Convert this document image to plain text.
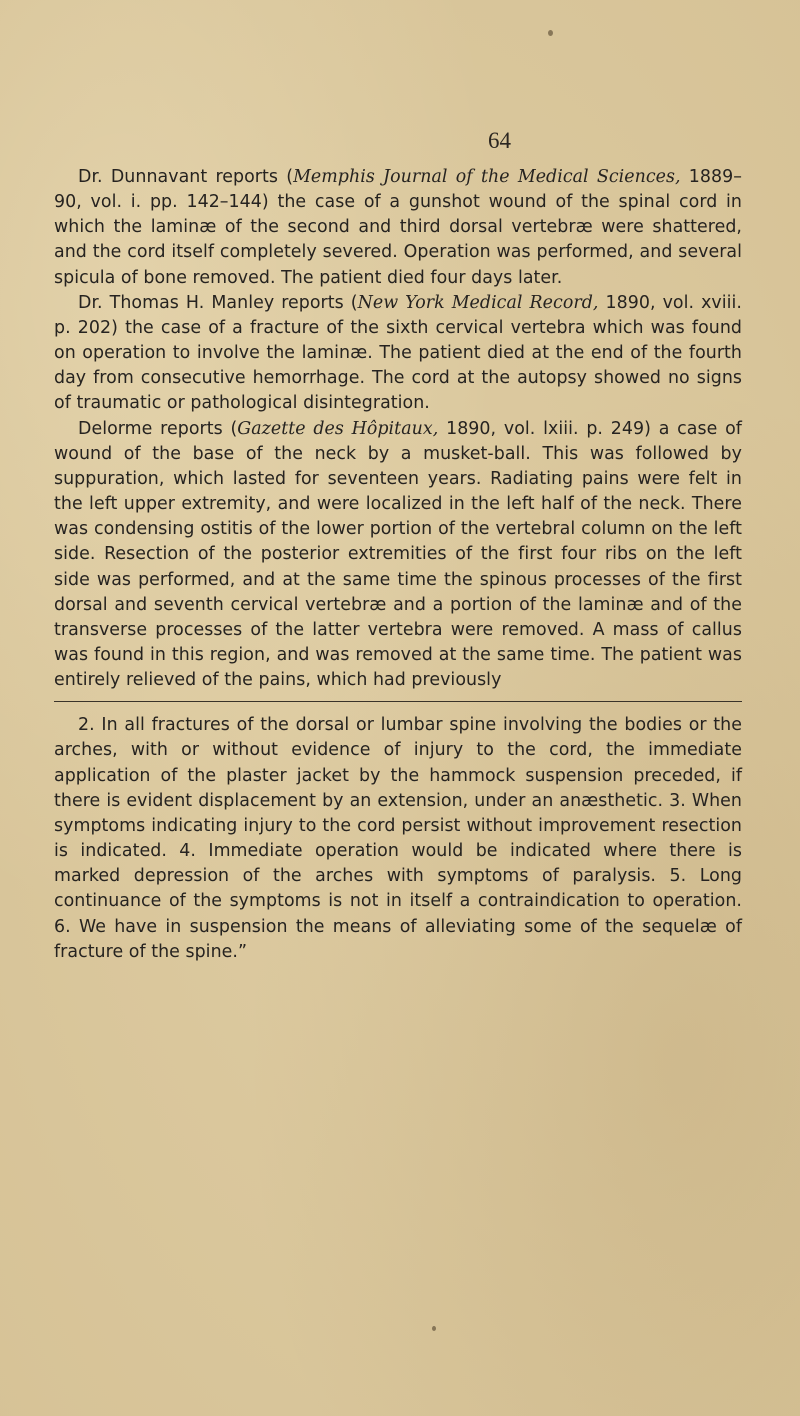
64

Dr. Dunnavant reports (Memphis Journal of the Medical Sciences, 1889–90, vol. i. pp. 142–144) the case of a gunshot wound of the spinal cord in which the laminæ of the second and third dorsal vertebræ were shattered, and the cord itself completely severed. Operation was performed, and several spicula of bone removed. The patient died four days later.

Dr. Thomas H. Manley reports (New York Medical Record, 1890, vol. xviii. p. 202) the case of a fracture of the sixth cervical vertebra which was found on operation to involve the laminæ. The patient died at the end of the fourth day from consecutive hemorrhage. The cord at the autopsy showed no signs of traumatic or pathological disintegration.

Delorme reports (Gazette des Hôpitaux, 1890, vol. lxiii. p. 249) a case of wound of the base of the neck by a musket-ball. This was followed by suppuration, which lasted for seventeen years. Radiating pains were felt in the left upper extremity, and were localized in the left half of the neck. There was condensing ostitis of the lower portion of the vertebral column on the left side. Resection of the posterior extremities of the first four ribs on the left side was performed, and at the same time the spinous processes of the first dorsal and seventh cervical vertebræ and a portion of the laminæ and of the transverse processes of the latter vertebra were removed. A mass of callus was found in this region, and was removed at the same time. The patient was entirely relieved of the pains, which had previously

2. In all fractures of the dorsal or lumbar spine involving the bodies or the arches, with or without evidence of injury to the cord, the immediate application of the plaster jacket by the hammock suspension preceded, if there is evident displacement by an extension, under an anæsthetic. 3. When symptoms indicating injury to the cord persist without improvement resection is indicated. 4. Immediate operation would be indicated where there is marked depression of the arches with symptoms of paralysis. 5. Long continuance of the symptoms is not in itself a contraindication to operation. 6. We have in suspension the means of alleviating some of the sequelæ of fracture of the spine.”
